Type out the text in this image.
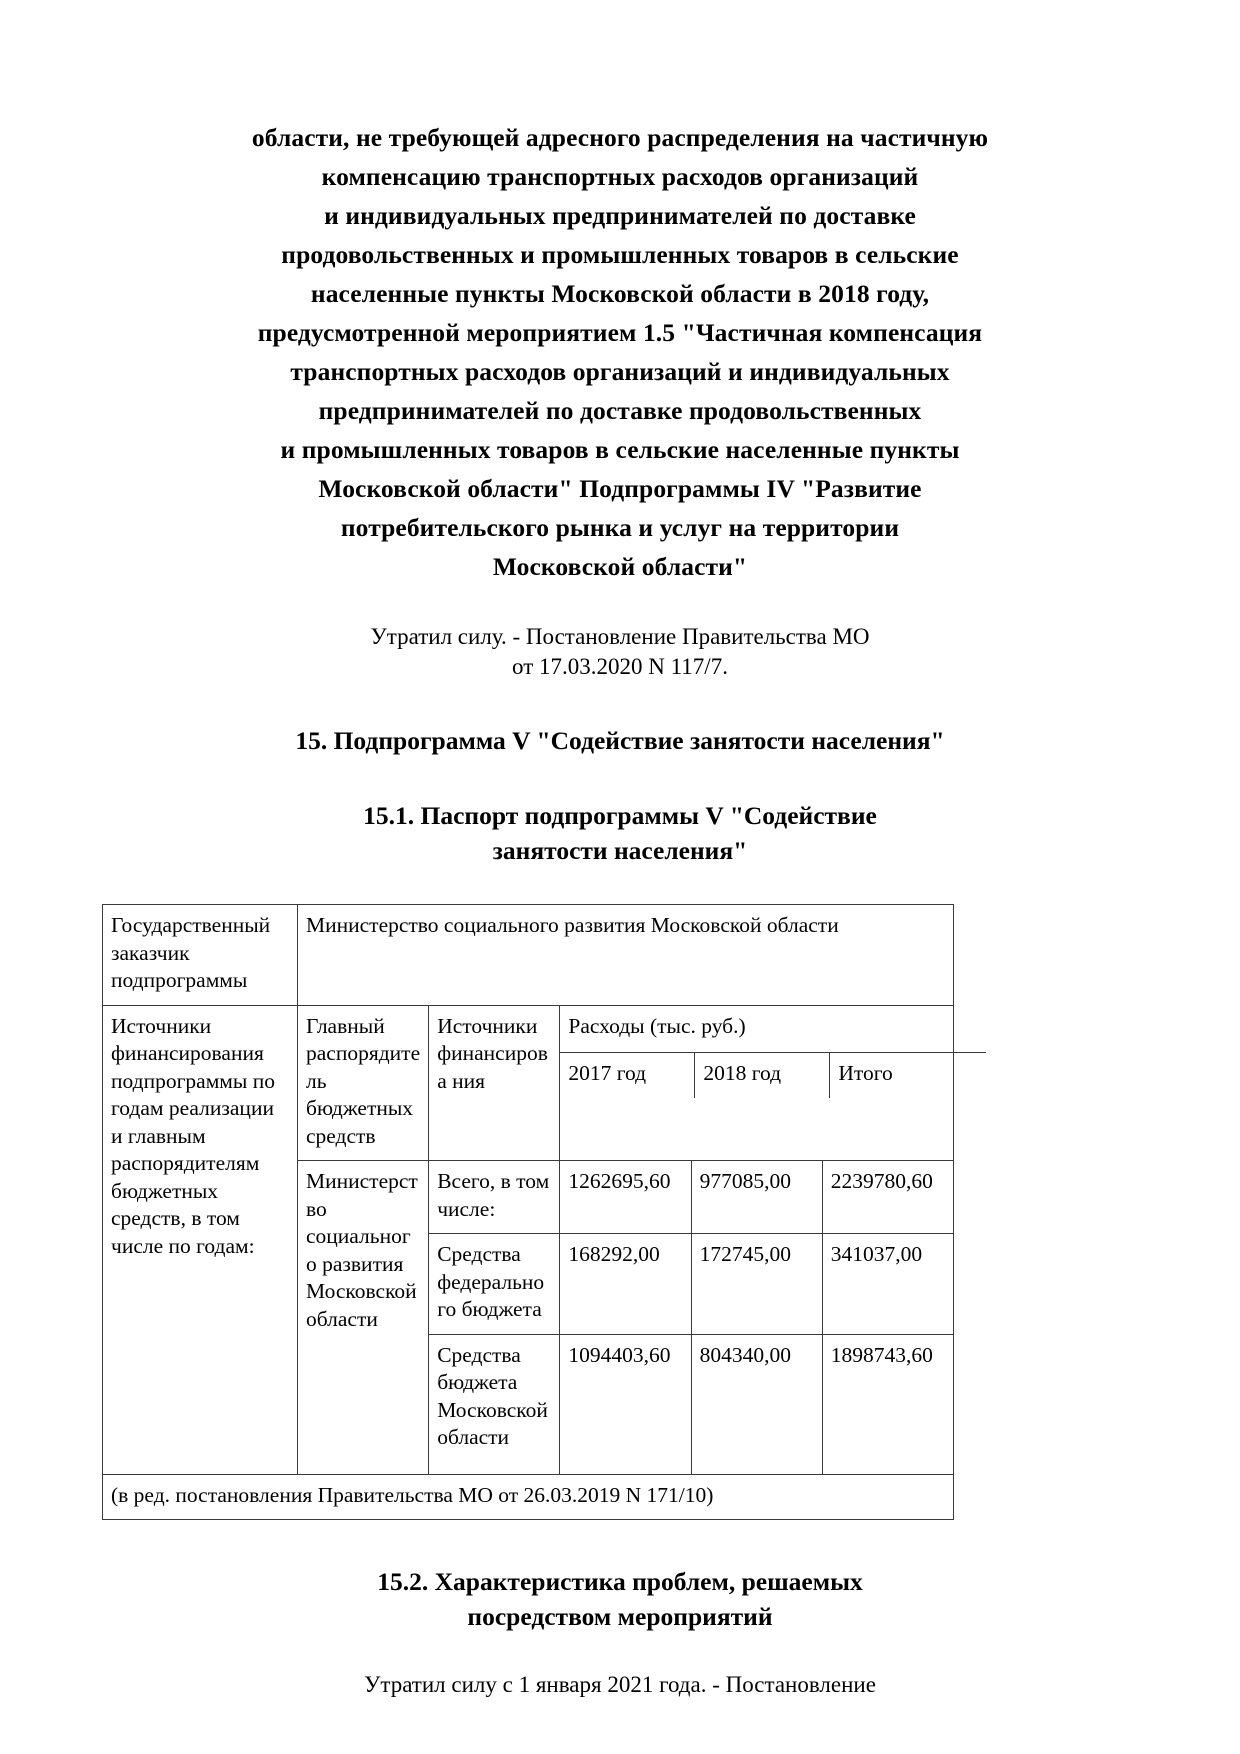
области, не требующей адресного распределения на частичную
компенсацию транспортных расходов организаций
и индивидуальных предпринимателей по доставке
продовольственных и промышленных товаров в сельские
населенные пункты Московской области в 2018 году,
предусмотренной мероприятием 1.5 "Частичная компенсация
транспортных расходов организаций и индивидуальных
предпринимателей по доставке продовольственных
и промышленных товаров в сельские населенные пункты
Московской области" Подпрограммы IV "Развитие
потребительского рынка и услуг на территории
Московской области"
Утратил силу. - Постановление Правительства МО
от 17.03.2020 N 117/7.
15. Подпрограмма V "Содействие занятости населения"
15.1. Паспорт подпрограммы V "Содействие
занятости населения"
Государственный заказчик подпрограммы	Министерство социального развития Московской области
Источники финансирования подпрограммы по годам реализации и главным распорядителям бюджетных средств, в том числе по годам:	Главный распорядитель бюджетных средств	Источники финансирова ния	Расходы (тыс. руб.)
2017 год	2018 год	Итого

Министерство социального развития Московской области	Всего, в том числе:	1262695,60	977085,00	2239780,60
Средства федерального бюджета	168292,00	172745,00	341037,00
Средства бюджета Московской области	1094403,60	804340,00	1898743,60
(в ред. постановления Правительства МО от 26.03.2019 N 171/10)
15.2. Характеристика проблем, решаемых
посредством мероприятий
Утратил силу с 1 января 2021 года. - Постановление
